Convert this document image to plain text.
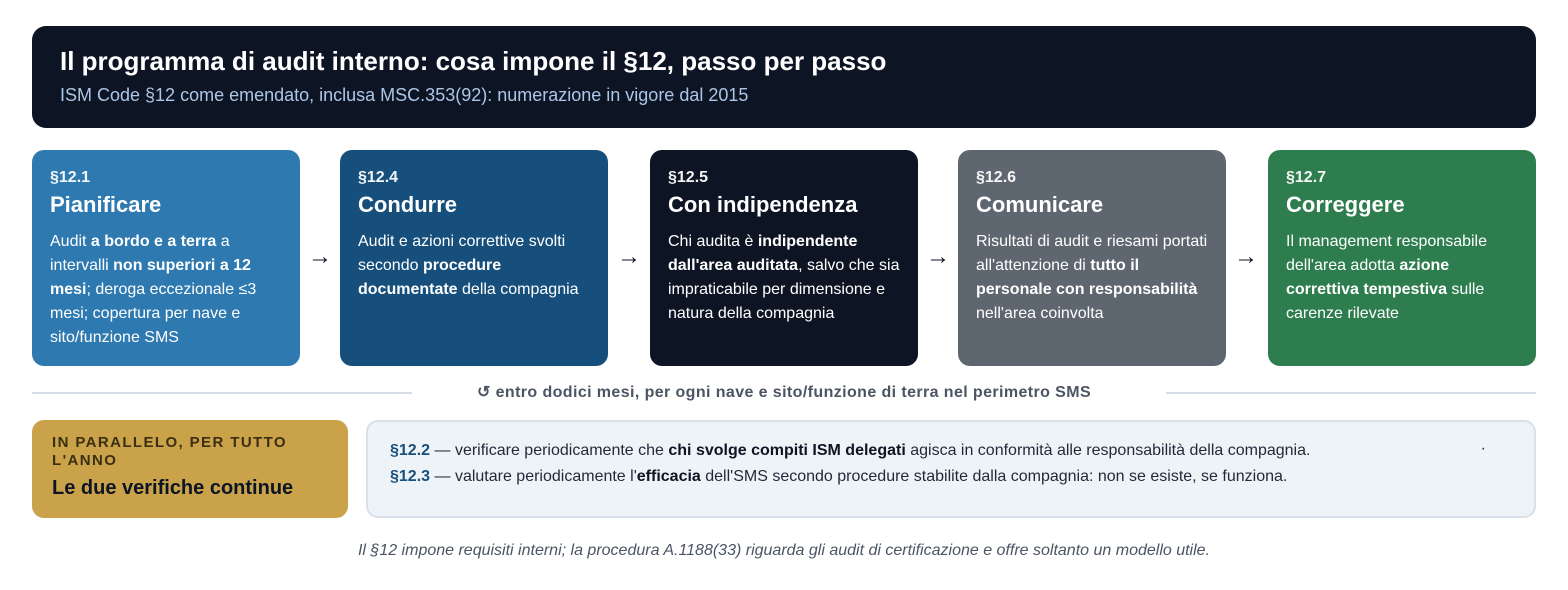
Il programma di audit interno: cosa impone il §12, passo per passo
ISM Code §12 come emendato, inclusa MSC.353(92): numerazione in vigore dal 2015
§12.1
Pianificare
Audit a bordo e a terra a intervalli non superiori a 12 mesi; deroga eccezionale ≤3 mesi; copertura per nave e sito/funzione SMS
§12.4
Condurre
Audit e azioni correttive svolti secondo procedure documentate della compagnia
§12.5
Con indipendenza
Chi audita è indipendente dall'area auditata, salvo che sia impraticabile per dimensione e natura della compagnia
§12.6
Comunicare
Risultati di audit e riesami portati all'attenzione di tutto il personale con responsabilità nell'area coinvolta
§12.7
Correggere
Il management responsabile dell'area adotta azione correttiva tempestiva sulle carenze rilevate
→	→	→	→
↺ entro dodici mesi, per ogni nave e sito/funzione di terra nel perimetro SMS
IN PARALLELO, PER TUTTO L'ANNO
Le due verifiche continue
·
§12.2 — verificare periodicamente che chi svolge compiti ISM delegati agisca in conformità alle responsabilità della compagnia.
§12.3 — valutare periodicamente l'efficacia dell'SMS secondo procedure stabilite dalla compagnia: non se esiste, se funziona.
Il §12 impone requisiti interni; la procedura A.1188(33) riguarda gli audit di certificazione e offre soltanto un modello utile.
